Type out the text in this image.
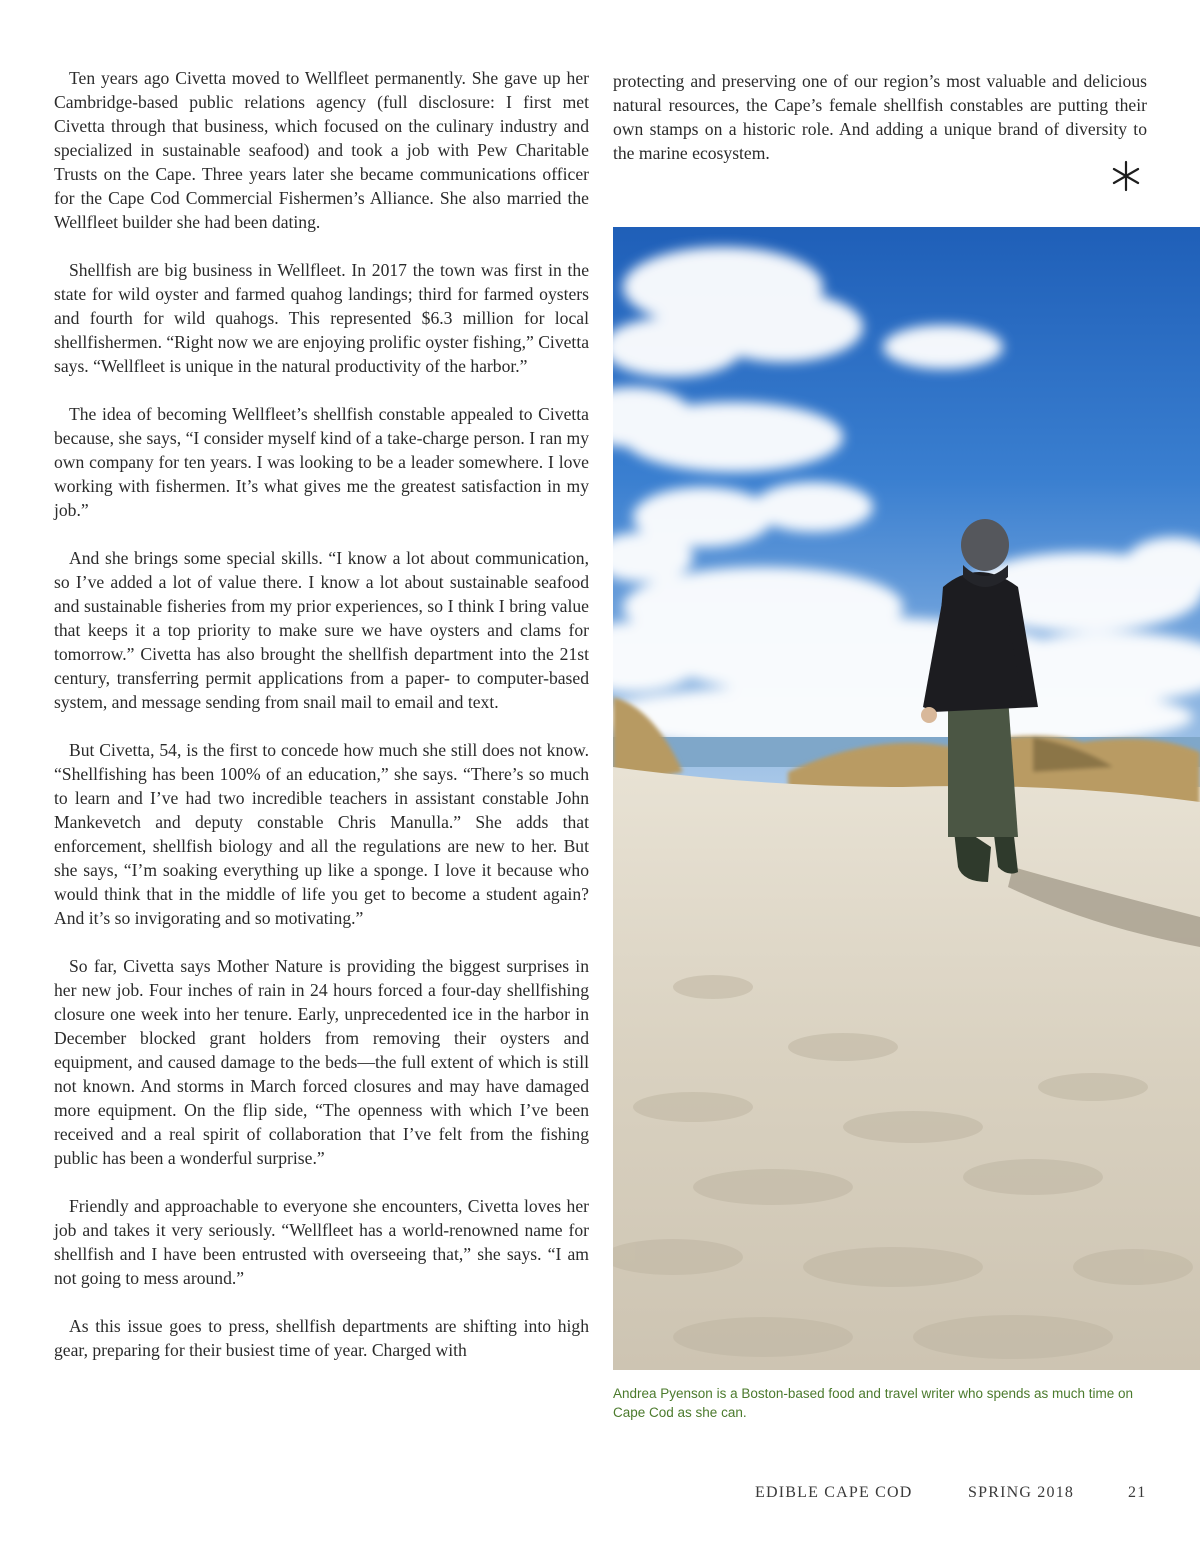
Ten years ago Civetta moved to Wellfleet permanently. She gave up her Cambridge-based public relations agency (full disclosure: I first met Civetta through that business, which focused on the culinary industry and specialized in sustainable seafood) and took a job with Pew Charitable Trusts on the Cape. Three years later she became communications officer for the Cape Cod Commercial Fishermen’s Alliance. She also married the Wellfleet builder she had been dating.

Shellfish are big business in Wellfleet. In 2017 the town was first in the state for wild oyster and farmed quahog landings; third for farmed oysters and fourth for wild quahogs. This represented $6.3 million for local shellfishermen. “Right now we are enjoying prolific oyster fishing,” Civetta says. “Wellfleet is unique in the natural productivity of the harbor.”

The idea of becoming Wellfleet’s shellfish constable appealed to Civetta because, she says, “I consider myself kind of a take-charge person. I ran my own company for ten years. I was looking to be a leader somewhere. I love working with fishermen. It’s what gives me the greatest satisfaction in my job.”

And she brings some special skills. “I know a lot about communication, so I’ve added a lot of value there. I know a lot about sustainable seafood and sustainable fisheries from my prior experiences, so I think I bring value that keeps it a top priority to make sure we have oysters and clams for tomorrow.” Civetta has also brought the shellfish department into the 21st century, transferring permit applications from a paper- to computer-based system, and message sending from snail mail to email and text.

But Civetta, 54, is the first to concede how much she still does not know. “Shellfishing has been 100% of an education,” she says. “There’s so much to learn and I’ve had two incredible teachers in assistant constable John Mankevetch and deputy constable Chris Manulla.” She adds that enforcement, shellfish biology and all the regulations are new to her. But she says, “I’m soaking everything up like a sponge. I love it because who would think that in the middle of life you get to become a student again? And it’s so invigorating and so motivating.”

So far, Civetta says Mother Nature is providing the biggest surprises in her new job. Four inches of rain in 24 hours forced a four-day shellfishing closure one week into her tenure. Early, unprecedented ice in the harbor in December blocked grant holders from removing their oysters and equipment, and caused damage to the beds—the full extent of which is still not known. And storms in March forced closures and may have damaged more equipment. On the flip side, “The openness with which I’ve been received and a real spirit of collaboration that I’ve felt from the fishing public has been a wonderful surprise.”

Friendly and approachable to everyone she encounters, Civetta loves her job and takes it very seriously. “Wellfleet has a world-renowned name for shellfish and I have been entrusted with overseeing that,” she says. “I am not going to mess around.”

As this issue goes to press, shellfish departments are shifting into high gear, preparing for their busiest time of year. Charged with

protecting and preserving one of our region’s most valuable and delicious natural resources, the Cape’s female shellfish constables are putting their own stamps on a historic role. And adding a unique brand of diversity to the marine ecosystem.

Andrea Pyenson is a Boston-based food and travel writer who spends as much time on Cape Cod as she can.
EDIBLE CAPE COD	SPRING 2018	21
